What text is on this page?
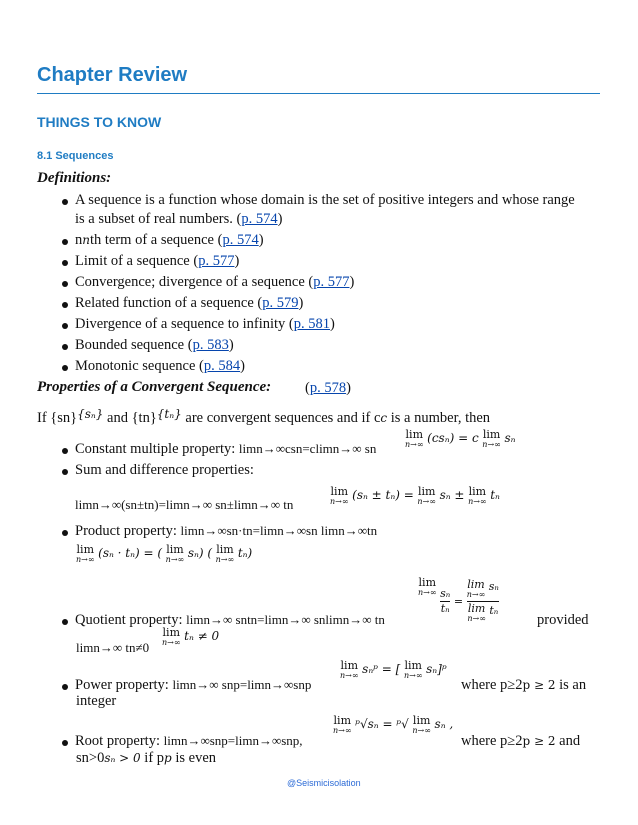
Chapter Review
THINGS TO KNOW
8.1 Sequences
Definitions:
A sequence is a function whose domain is the set of positive integers and whose range
is a subset of real numbers. (p. 574)
nnth term of a sequence (p. 574)
Limit of a sequence (p. 577)
Convergence; divergence of a sequence (p. 577)
Related function of a sequence (p. 579)
Divergence of a sequence to infinity (p. 581)
Bounded sequence (p. 583)
Monotonic sequence (p. 584)
Properties of a Convergent Sequence: (p. 578)
If {sn}$^{\{s_n\}}$ and {tn}$^{\{t_n\}}$ are convergent sequences and if cc is a number, then
Constant multiple property: limn→∞csn=climn→∞ sn
lim
n→∞ (csₙ) = c lim
n→∞ sₙ
Sum and difference properties:
limn→∞(sn±tn)=limn→∞ sn±limn→∞ tn
lim
n→∞ (sₙ ± tₙ) = lim
n→∞ sₙ ± lim
n→∞ tₙ
Product property: limn→∞sn·tn=limn→∞sn limn→∞tn
lim
n→∞ (sₙ · tₙ) = ( lim
n→∞ sₙ) ( lim
n→∞ tₙ)
lim
n→∞
$\frac{\text{sₙ}}{\text{tₙ}} = \lim$
n→∞
sₙ
lim
n→∞
tₙ
Quotient property: limn→∞ sntn=limn→∞ snlimn→∞ tn	provided
limn→∞ tn≠0
lim
n→∞ tₙ ≠ 0
lim
n→∞ sₙᵖ = [ lim
n→∞ sₙ]ᵖ
Power property: limn→∞ snp=limn→∞snp	where p≥2p ≥ 2 is an
integer
lim
n→∞ ᵖ√sₙ = ᵖ√ lim
n→∞ sₙ ,
Root property: limn→∞snp=limn→∞snp,	where p≥2p ≥ 2 and
sn>0sₙ > 0 if pp is even
@Seismicisolation
